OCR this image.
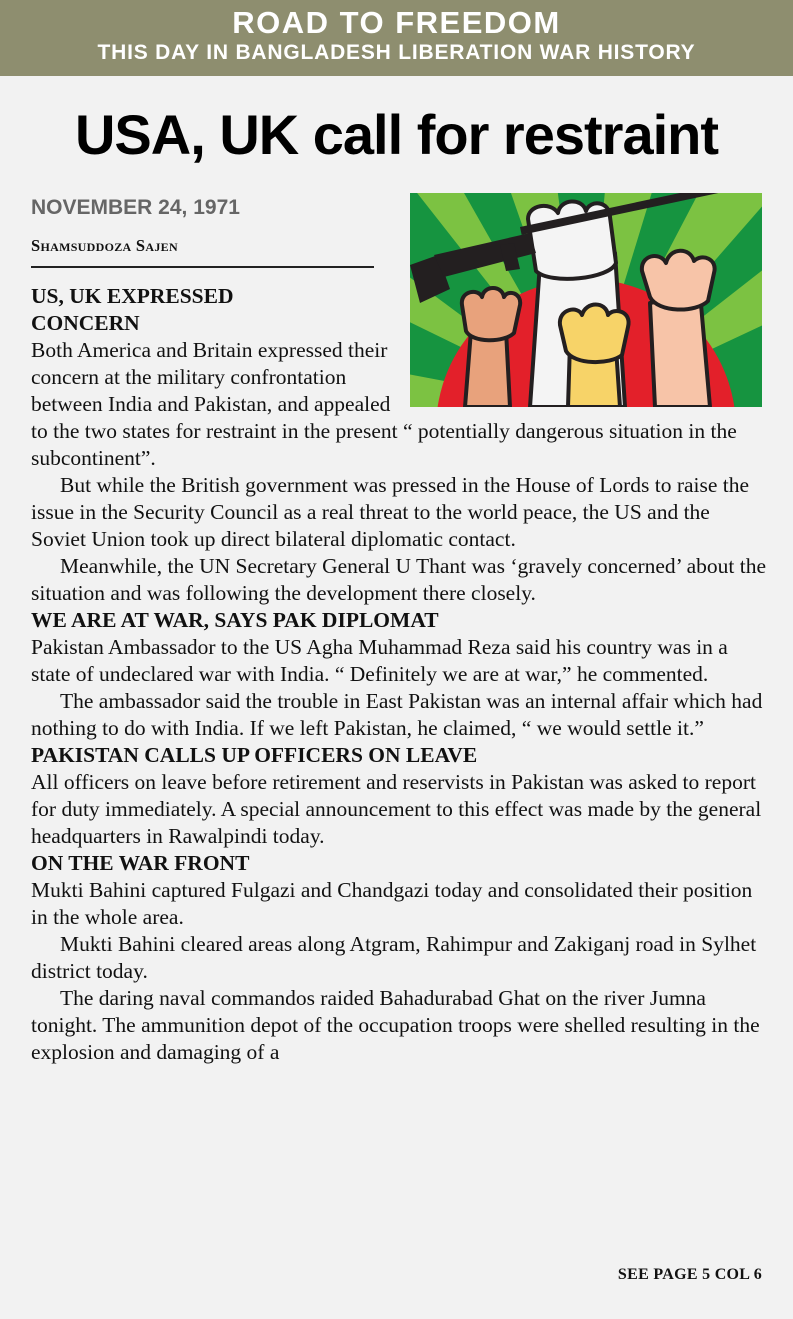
ROAD TO FREEDOM
THIS DAY IN BANGLADESH LIBERATION WAR HISTORY
USA, UK call for restraint
NOVEMBER 24, 1971
Shamsuddoza Sajen

US, UK EXPRESSED CONCERN

Both America and Britain expressed their concern at the military confrontation between India and Pakistan, and appealed to the two states for restraint in the present “ potentially dangerous situation in the subcontinent”.

But while the British government was pressed in the House of Lords to raise the issue in the Security Council as a real threat to the world peace, the US and the Soviet Union took up direct bilateral diplomatic contact.

Meanwhile, the UN Secretary General U Thant was ‘gravely concerned’ about the situation and was following the development there closely.

WE ARE AT WAR, SAYS PAK DIPLOMAT

Pakistan Ambassador to the US Agha Muhammad Reza said his country was in a state of undeclared war with India. “ Definitely we are at war,” he commented.

The ambassador said the trouble in East Pakistan was an internal affair which had nothing to do with India. If we left Pakistan, he claimed, “ we would settle it.”

PAKISTAN CALLS UP OFFICERS ON LEAVE

All officers on leave before retirement and reservists in Pakistan was asked to report for duty immediately. A special announcement to this effect was made by the general headquarters in Rawalpindi today.

ON THE WAR FRONT

Mukti Bahini captured Fulgazi and Chandgazi today and consolidated their position in the whole area.

Mukti Bahini cleared areas along Atgram, Rahimpur and Zakiganj road in Sylhet district today.

The daring naval commandos raided Bahadurabad Ghat on the river Jumna tonight. The ammunition depot of the occupation troops were shelled resulting in the explosion and damaging of a

SEE PAGE 5 COL 6
